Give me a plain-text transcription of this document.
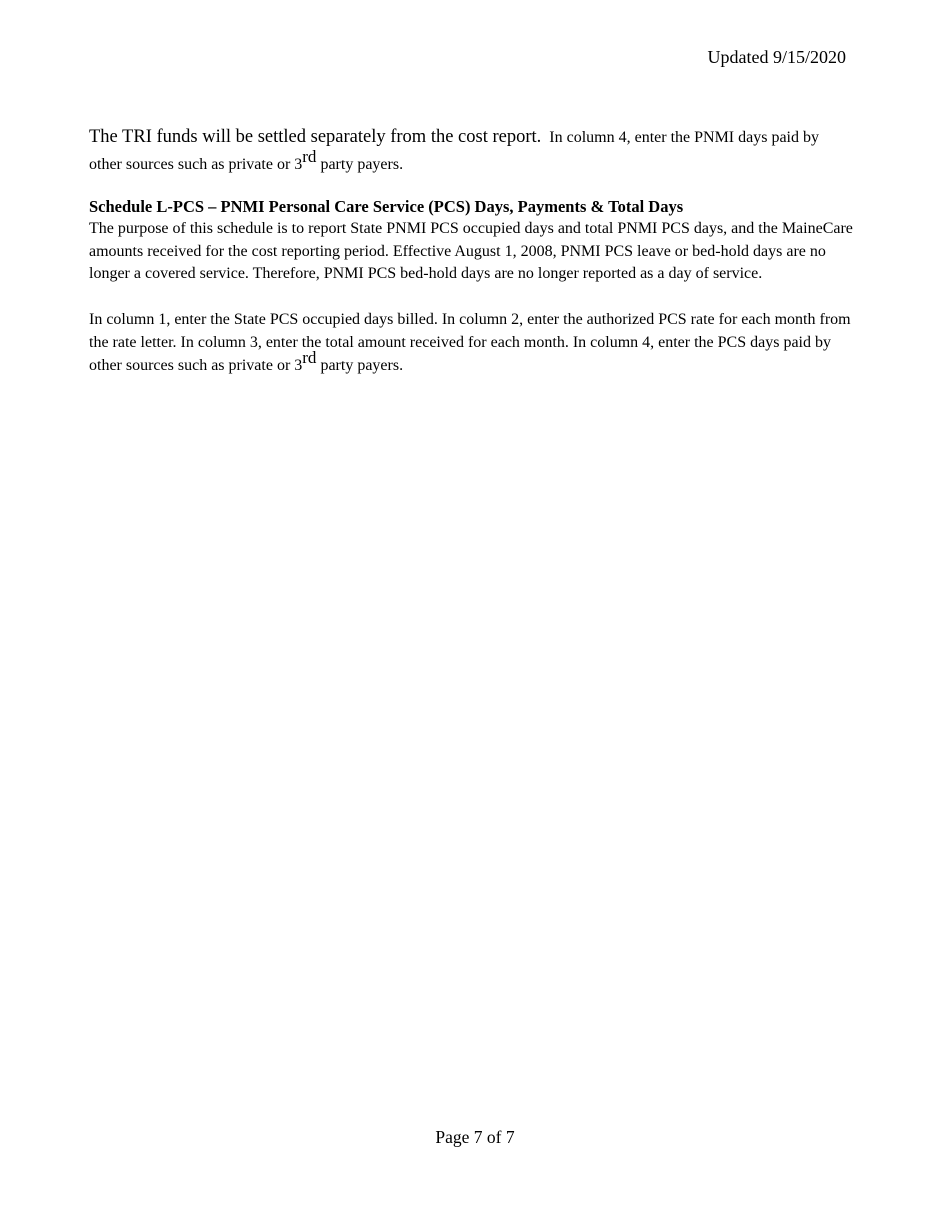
Updated 9/15/2020

The TRI funds will be settled separately from the cost report. In column 4, enter the PNMI days paid by other sources such as private or 3rd party payers.

Schedule L-PCS – PNMI Personal Care Service (PCS) Days, Payments & Total Days

The purpose of this schedule is to report State PNMI PCS occupied days and total PNMI PCS days, and the MaineCare amounts received for the cost reporting period. Effective August 1, 2008, PNMI PCS leave or bed-hold days are no longer a covered service. Therefore, PNMI PCS bed-hold days are no longer reported as a day of service.

In column 1, enter the State PCS occupied days billed. In column 2, enter the authorized PCS rate for each month from the rate letter. In column 3, enter the total amount received for each month. In column 4, enter the PCS days paid by other sources such as private or 3rd party payers.

Page 7 of 7
